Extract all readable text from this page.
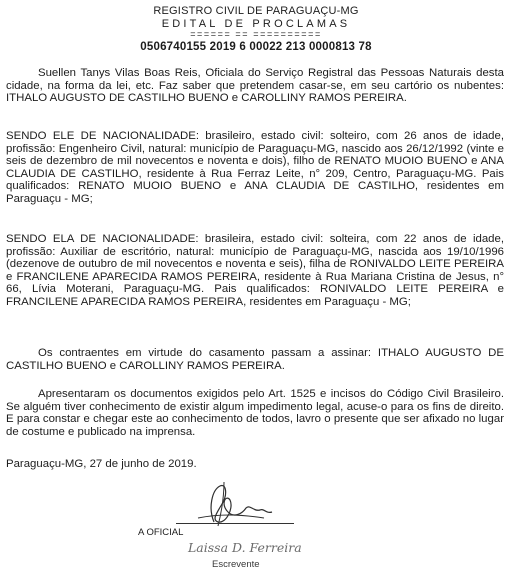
REGISTRO CIVIL DE PARAGUAÇU-MG
EDITAL DE PROCLAMAS
====== == ==========
0506740155 2019 6 00022 213 0000813 78

Suellen Tanys Vilas Boas Reis, Oficiala do Serviço Registral das Pessoas Naturais desta cidade, na forma da lei, etc. Faz saber que pretendem casar-se, em seu cartório os nubentes: ITHALO AUGUSTO DE CASTILHO BUENO e CAROLLINY RAMOS PEREIRA.

SENDO ELE DE NACIONALIDADE: brasileiro, estado civil: solteiro, com 26 anos de idade, profissão: Engenheiro Civil, natural: município de Paraguaçu-MG, nascido aos 26/12/1992 (vinte e seis de dezembro de mil novecentos e noventa e dois), filho de RENATO MUOIO BUENO e ANA CLAUDIA DE CASTILHO, residente à Rua Ferraz Leite, n° 209, Centro, Paraguaçu-MG. Pais qualificados: RENATO MUOIO BUENO e ANA CLAUDIA DE CASTILHO, residentes em Paraguaçu - MG;

SENDO ELA DE NACIONALIDADE: brasileira, estado civil: solteira, com 22 anos de idade, profissão: Auxiliar de escritório, natural: município de Paraguaçu-MG, nascida aos 19/10/1996 (dezenove de outubro de mil novecentos e noventa e seis), filha de RONIVALDO LEITE PEREIRA e FRANCILENE APARECIDA RAMOS PEREIRA, residente à Rua Mariana Cristina de Jesus, n° 66, Lívia Moterani, Paraguaçu-MG. Pais qualificados: RONIVALDO LEITE PEREIRA e FRANCILENE APARECIDA RAMOS PEREIRA, residentes em Paraguaçu - MG;

Os contraentes em virtude do casamento passam a assinar: ITHALO AUGUSTO DE CASTILHO BUENO e CAROLLINY RAMOS PEREIRA.

Apresentaram os documentos exigidos pelo Art. 1525 e incisos do Código Civil Brasileiro. Se alguém tiver conhecimento de existir algum impedimento legal, acuse-o para os fins de direito. E para constar e chegar este ao conhecimento de todos, lavro o presente que ser afixado no lugar de costume e publicado na imprensa.

Paraguaçu-MG, 27 de junho de 2019.
A OFICIAL
Laissa D. Ferreira
Escrevente
